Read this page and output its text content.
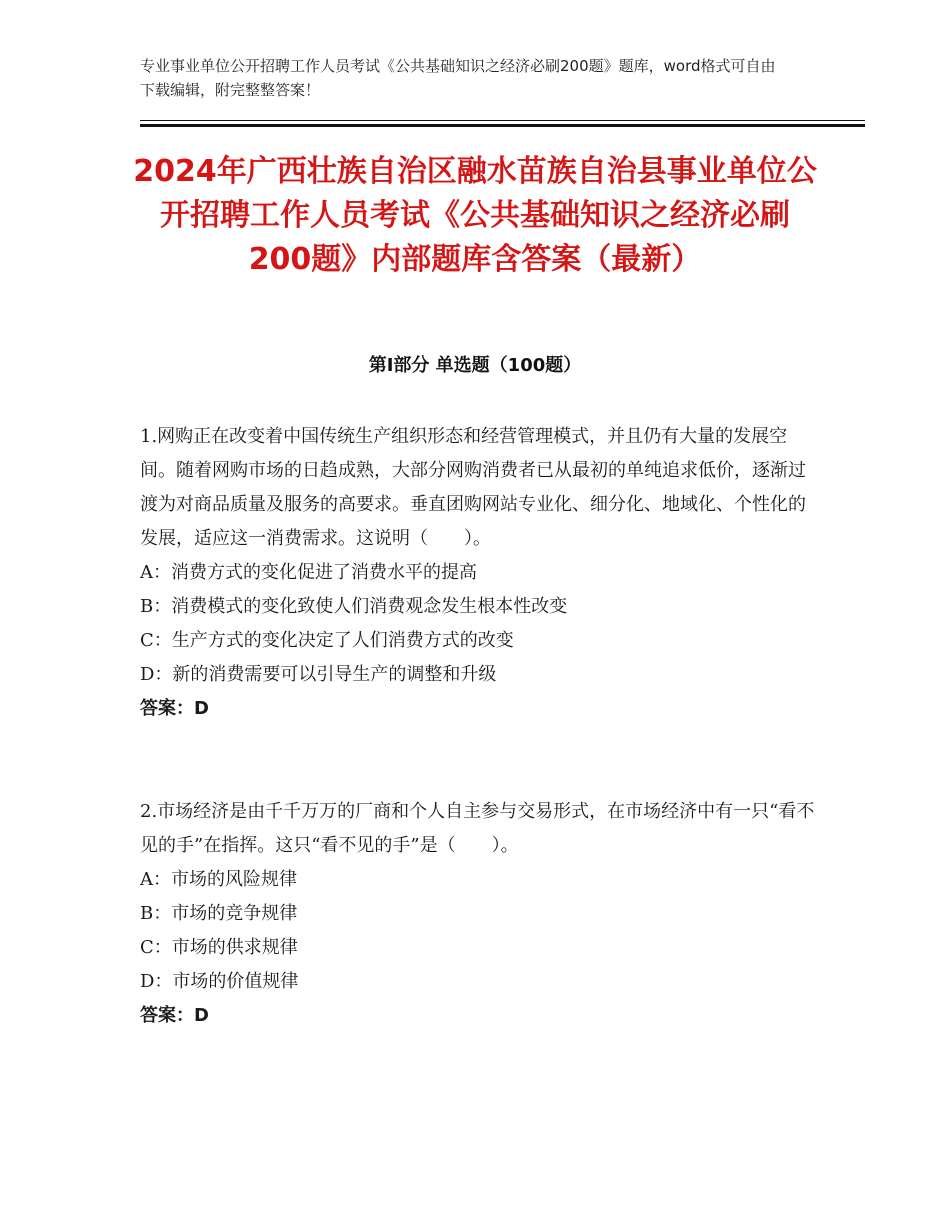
专业事业单位公开招聘工作人员考试《公共基础知识之经济必刷200题》题库，word格式可自由下载编辑，附完整整答案！
2024年广西壮族自治区融水苗族自治县事业单位公开招聘工作人员考试《公共基础知识之经济必刷200题》内部题库含答案（最新）
第Ⅰ部分 单选题（100题）

1.网购正在改变着中国传统生产组织形态和经营管理模式，并且仍有大量的发展空间。随着网购市场的日趋成熟，大部分网购消费者已从最初的单纯追求低价，逐渐过渡为对商品质量及服务的高要求。垂直团购网站专业化、细分化、地域化、个性化的发展，适应这一消费需求。这说明（　　）。

A：消费方式的变化促进了消费水平的提高

B：消费模式的变化致使人们消费观念发生根本性改变

C：生产方式的变化决定了人们消费方式的改变

D：新的消费需要可以引导生产的调整和升级

答案：D

2.市场经济是由千千万万的厂商和个人自主参与交易形式，在市场经济中有一只“看不见的手”在指挥。这只“看不见的手”是（　　）。

A：市场的风险规律

B：市场的竞争规律

C：市场的供求规律

D：市场的价值规律

答案：D
